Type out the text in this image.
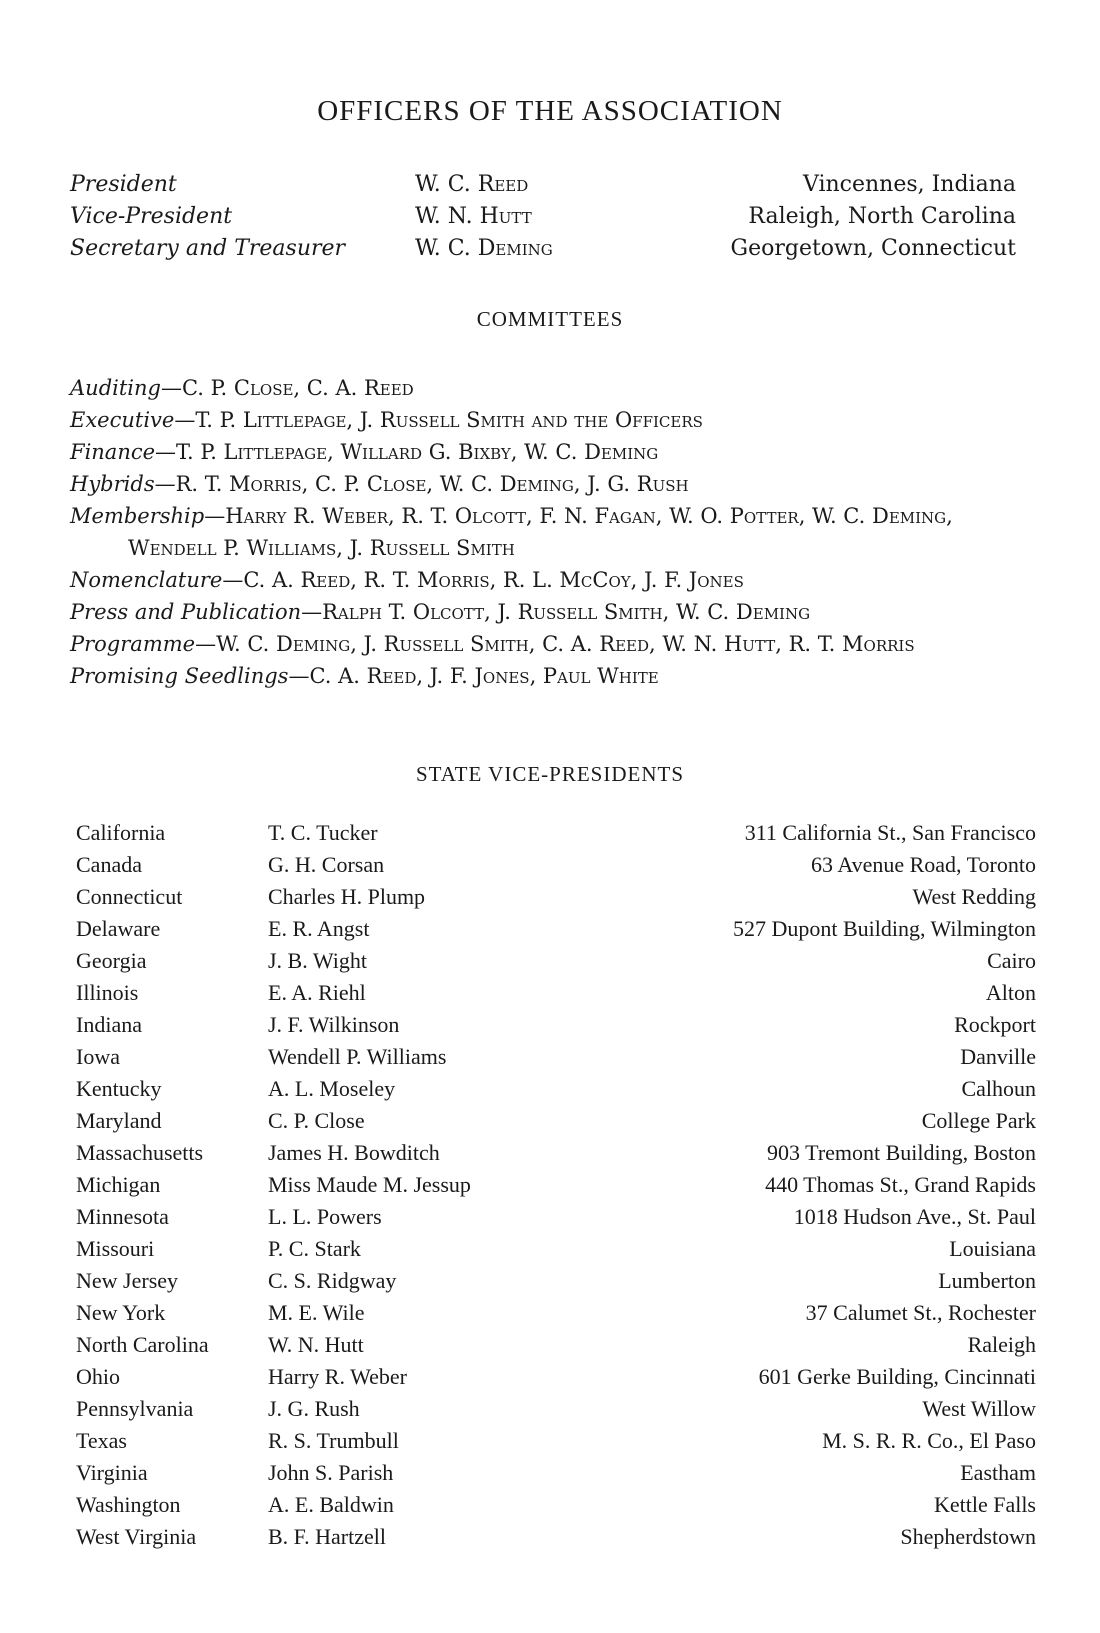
OFFICERS OF THE ASSOCIATION
President	W. C. Reed	Vincennes, Indiana
Vice-President	W. N. Hutt	Raleigh, North Carolina
Secretary and Treasurer	W. C. Deming	Georgetown, Connecticut
COMMITTEES
Auditing—C. P. Close, C. A. Reed
Executive—T. P. Littlepage, J. Russell Smith and the Officers
Finance—T. P. Littlepage, Willard G. Bixby, W. C. Deming
Hybrids—R. T. Morris, C. P. Close, W. C. Deming, J. G. Rush
Membership—Harry R. Weber, R. T. Olcott, F. N. Fagan, W. O. Potter, W. C. Deming, Wendell P. Williams, J. Russell Smith
Nomenclature—C. A. Reed, R. T. Morris, R. L. McCoy, J. F. Jones
Press and Publication—Ralph T. Olcott, J. Russell Smith, W. C. Deming
Programme—W. C. Deming, J. Russell Smith, C. A. Reed, W. N. Hutt, R. T. Morris
Promising Seedlings—C. A. Reed, J. F. Jones, Paul White
STATE VICE-PRESIDENTS
California	T. C. Tucker	311 California St., San Francisco
Canada	G. H. Corsan	63 Avenue Road, Toronto
Connecticut	Charles H. Plump	West Redding
Delaware	E. R. Angst	527 Dupont Building, Wilmington
Georgia	J. B. Wight	Cairo
Illinois	E. A. Riehl	Alton
Indiana	J. F. Wilkinson	Rockport
Iowa	Wendell P. Williams	Danville
Kentucky	A. L. Moseley	Calhoun
Maryland	C. P. Close	College Park
Massachusetts	James H. Bowditch	903 Tremont Building, Boston
Michigan	Miss Maude M. Jessup	440 Thomas St., Grand Rapids
Minnesota	L. L. Powers	1018 Hudson Ave., St. Paul
Missouri	P. C. Stark	Louisiana
New Jersey	C. S. Ridgway	Lumberton
New York	M. E. Wile	37 Calumet St., Rochester
North Carolina	W. N. Hutt	Raleigh
Ohio	Harry R. Weber	601 Gerke Building, Cincinnati
Pennsylvania	J. G. Rush	West Willow
Texas	R. S. Trumbull	M. S. R. R. Co., El Paso
Virginia	John S. Parish	Eastham
Washington	A. E. Baldwin	Kettle Falls
West Virginia	B. F. Hartzell	Shepherdstown
